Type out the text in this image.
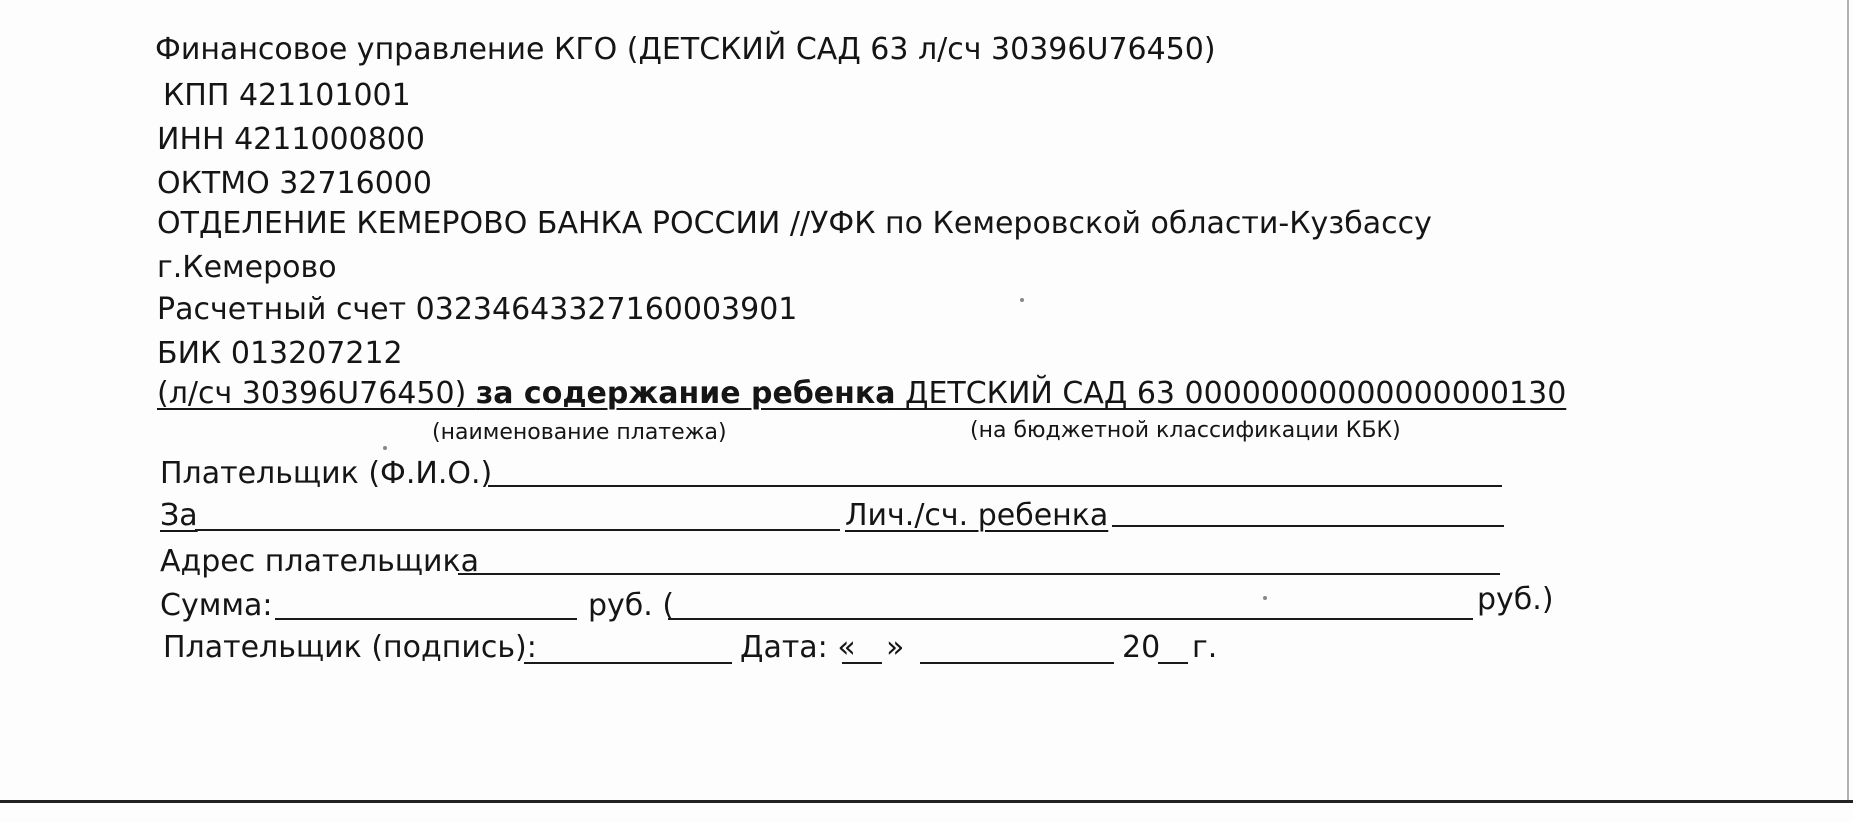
Финансовое управление КГО (ДЕТСКИЙ САД 63 л/сч 30396U76450)
КПП 421101001
ИНН 4211000800
ОКТМО 32716000
ОТДЕЛЕНИЕ КЕМЕРОВО БАНКА РОССИИ //УФК по Кемеровской области-Кузбассу
г.Кемерово
Расчетный счет 03234643327160003901
БИК 013207212
(л/сч 30396U76450) за содержание ребенка ДЕТСКИЙ САД 63 00000000000000000130
(наименование платежа)	(на бюджетной классификации КБК)
Плательщик (Ф.И.О.)
За	Лич./сч. ребенка
Адрес плательщика
Сумма:	руб. (	руб.)
Плательщик (подпись):	Дата: « »	20 г.
